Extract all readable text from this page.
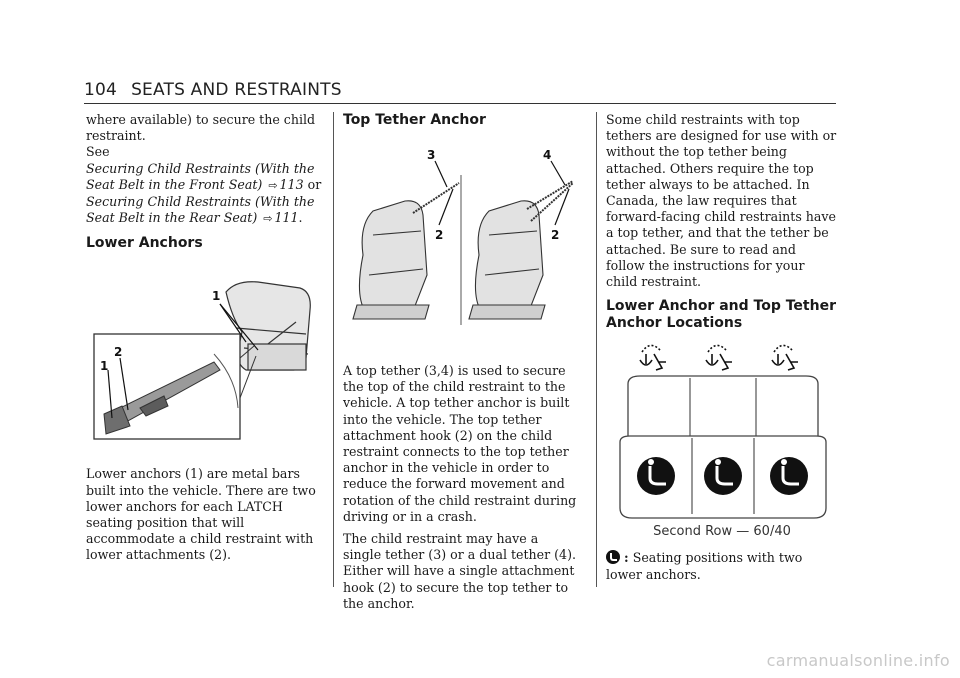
104 SEATS AND RESTRAINTS

where available) to secure the child restraint.

See
Securing Child Restraints (With the Seat Belt in the Front Seat) ⇨ 113 or Securing Child Restraints (With the Seat Belt in the Rear Seat) ⇨ 111.

Lower Anchors
1
1
2

Lower anchors (1) are metal bars built into the vehicle. There are two lower anchors for each LATCH seating position that will accommodate a child restraint with lower attachments (2).

Top Tether Anchor
3
2
4
2

A top tether (3,4) is used to secure the top of the child restraint to the vehicle. A top tether anchor is built into the vehicle. The top tether attachment hook (2) on the child restraint connects to the top tether anchor in the vehicle in order to reduce the forward movement and rotation of the child restraint during driving or in a crash.

The child restraint may have a single tether (3) or a dual tether (4). Either will have a single attachment hook (2) to secure the top tether to the anchor.

Some child restraints with top tethers are designed for use with or without the top tether being attached. Others require the top tether always to be attached. In Canada, the law requires that forward-facing child restraints have a top tether, and that the tether be attached. Be sure to read and follow the instructions for your child restraint.

Lower Anchor and Top Tether Anchor Locations
Second Row — 60/40

: Seating positions with two lower anchors.

carmanualsonline.info
